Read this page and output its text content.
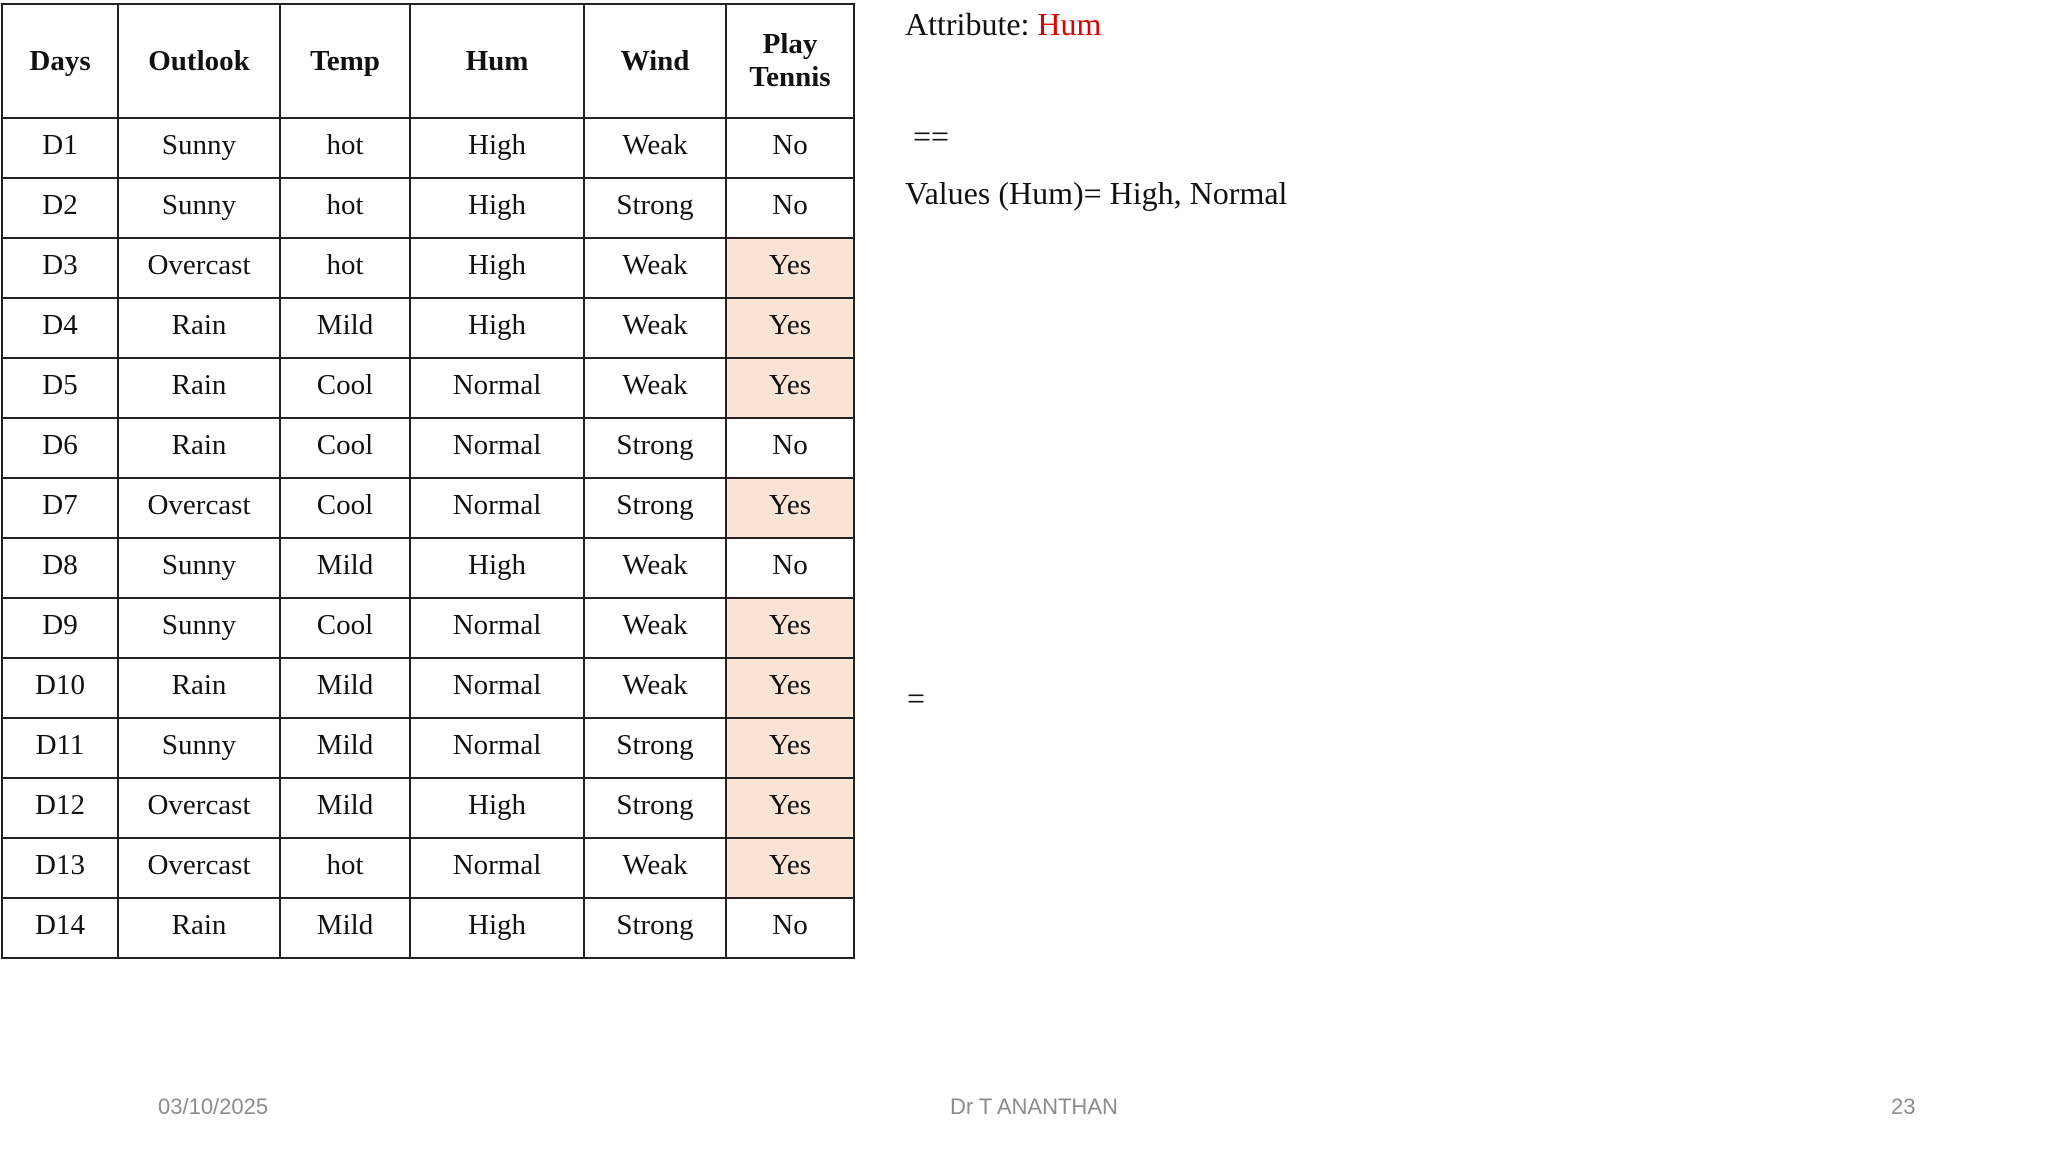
Days	Outlook	Temp	Hum	Wind	Play
Tennis
D1	Sunny	hot	High	Weak	No
D2	Sunny	hot	High	Strong	No
D3	Overcast	hot	High	Weak	Yes
D4	Rain	Mild	High	Weak	Yes
D5	Rain	Cool	Normal	Weak	Yes
D6	Rain	Cool	Normal	Strong	No
D7	Overcast	Cool	Normal	Strong	Yes
D8	Sunny	Mild	High	Weak	No
D9	Sunny	Cool	Normal	Weak	Yes
D10	Rain	Mild	Normal	Weak	Yes
D11	Sunny	Mild	Normal	Strong	Yes
D12	Overcast	Mild	High	Strong	Yes
D13	Overcast	hot	Normal	Weak	Yes
D14	Rain	Mild	High	Strong	No
Attribute: Hum
==
Values (Hum)= High, Normal
=
03/10/2025	Dr T ANANTHAN	23
